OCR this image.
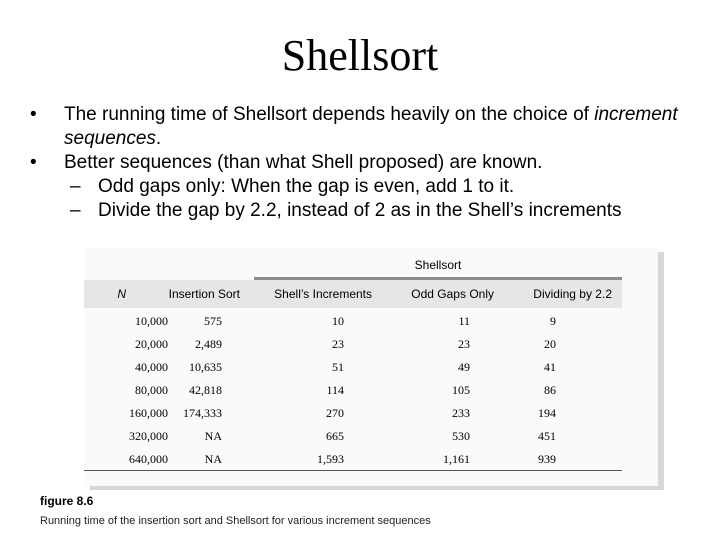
Shellsort
• The running time of Shellsort depends heavily on the choice of increment sequences.
• Better sequences (than what Shell proposed) are known.
– Odd gaps only: When the gap is even, add 1 to it.
– Divide the gap by 2.2, instead of 2 as in the Shell’s increments
Shellsort
N	Insertion Sort	Shell’s Increments	Odd Gaps Only	Dividing by 2.2
10,000	575	10	11	9
20,000	2,489	23	23	20
40,000	10,635	51	49	41
80,000	42,818	114	105	86
160,000	174,333	270	233	194
320,000	NA	665	530	451
640,000	NA	1,593	1,161	939
figure 8.6
Running time of the insertion sort and Shellsort for various increment sequences
